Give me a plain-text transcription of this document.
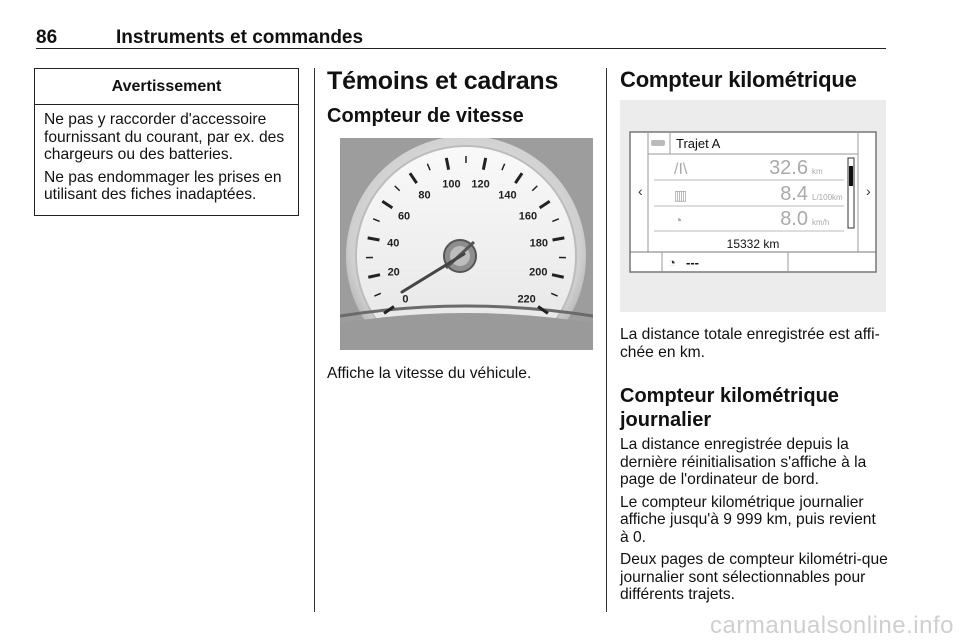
86	Instruments et commandes
Avertissement

Ne pas y raccorder d'accessoire fournissant du courant, par ex. des chargeurs ou des batteries.

Ne pas endommager les prises en utilisant des fiches inadaptées.

Témoins et cadrans
Compteur de vitesse
0
20
40
60
80
100 120
140
160
180
200
220
Affiche la vitesse du véhicule.
Compteur kilométrique
‹	›
Trajet A
/I\
▥
◔
32.6 km
8.4 L/100km
8.0 km/h
15332 km
◔ ---
La distance totale enregistrée est affi-chée en km.
Compteur kilométrique journalier

La distance enregistrée depuis la dernière réinitialisation s'affiche à la page de l'ordinateur de bord.

Le compteur kilométrique journalier affiche jusqu'à 9 999 km, puis revient à 0.

Deux pages de compteur kilométri-que journalier sont sélectionnables pour différents trajets.

carmanualsonline.info
